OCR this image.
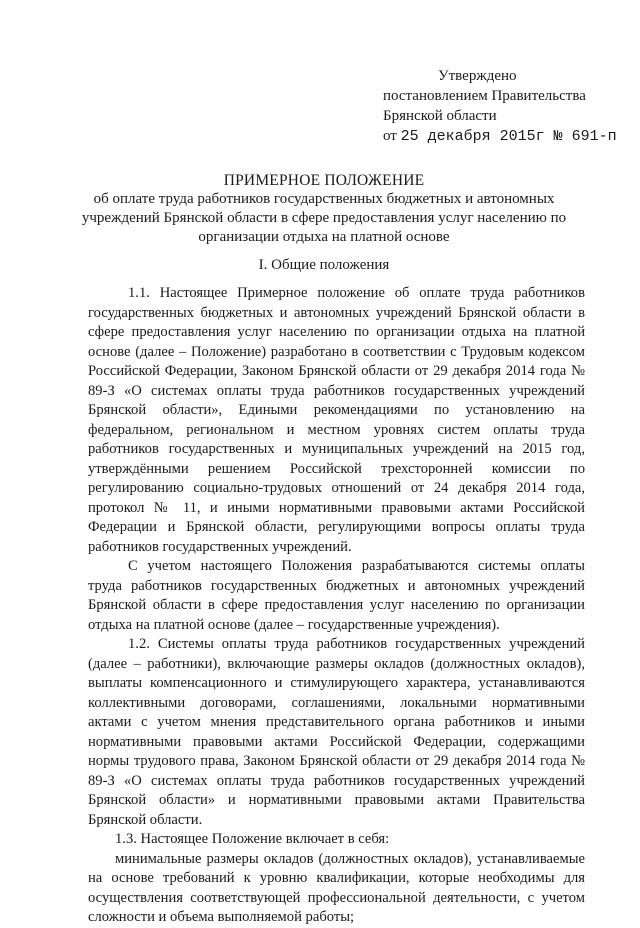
Утверждено
постановлением Правительства
Брянской области
от 25 декабря 2015г № 691-п
ПРИМЕРНОЕ ПОЛОЖЕНИЕ
об оплате труда работников государственных бюджетных и автономных
учреждений Брянской области в сфере предоставления услуг населению по
организации отдыха на платной основе
I. Общие положения

1.1. Настоящее Примерное положение об оплате труда работников государственных бюджетных и автономных учреждений Брянской области в сфере предоставления услуг населению по организации отдыха на платной основе (далее – Положение) разработано в соответствии с Трудовым кодексом Российской Федерации, Законом Брянской области от 29 декабря 2014 года № 89-З «О системах оплаты труда работников государственных учреждений Брянской области», Едиными рекомендациями по установлению на федеральном, региональном и местном уровнях систем оплаты труда работников государственных и муниципальных учреждений на 2015 год, утверждёнными решением Российской трехсторонней комиссии по регулированию социально-трудовых отношений от 24 декабря 2014 года, протокол № 11, и иными нормативными правовыми актами Российской Федерации и Брянской области, регулирующими вопросы оплаты труда работников государственных учреждений.

С учетом настоящего Положения разрабатываются системы оплаты труда работников государственных бюджетных и автономных учреждений Брянской области в сфере предоставления услуг населению по организации отдыха на платной основе (далее – государственные учреждения).

1.2. Системы оплаты труда работников государственных учреждений (далее – работники), включающие размеры окладов (должностных окладов), выплаты компенсационного и стимулирующего характера, устанавливаются коллективными договорами, соглашениями, локальными нормативными актами с учетом мнения представительного органа работников и иными нормативными правовыми актами Российской Федерации, содержащими нормы трудового права, Законом Брянской области от 29 декабря 2014 года № 89-З «О системах оплаты труда работников государственных учреждений Брянской области» и нормативными правовыми актами Правительства Брянской области.

1.3. Настоящее Положение включает в себя:

минимальные размеры окладов (должностных окладов), устанавливаемые на основе требований к уровню квалификации, которые необходимы для осуществления соответствующей профессиональной деятельности, с учетом сложности и объема выполняемой работы;
